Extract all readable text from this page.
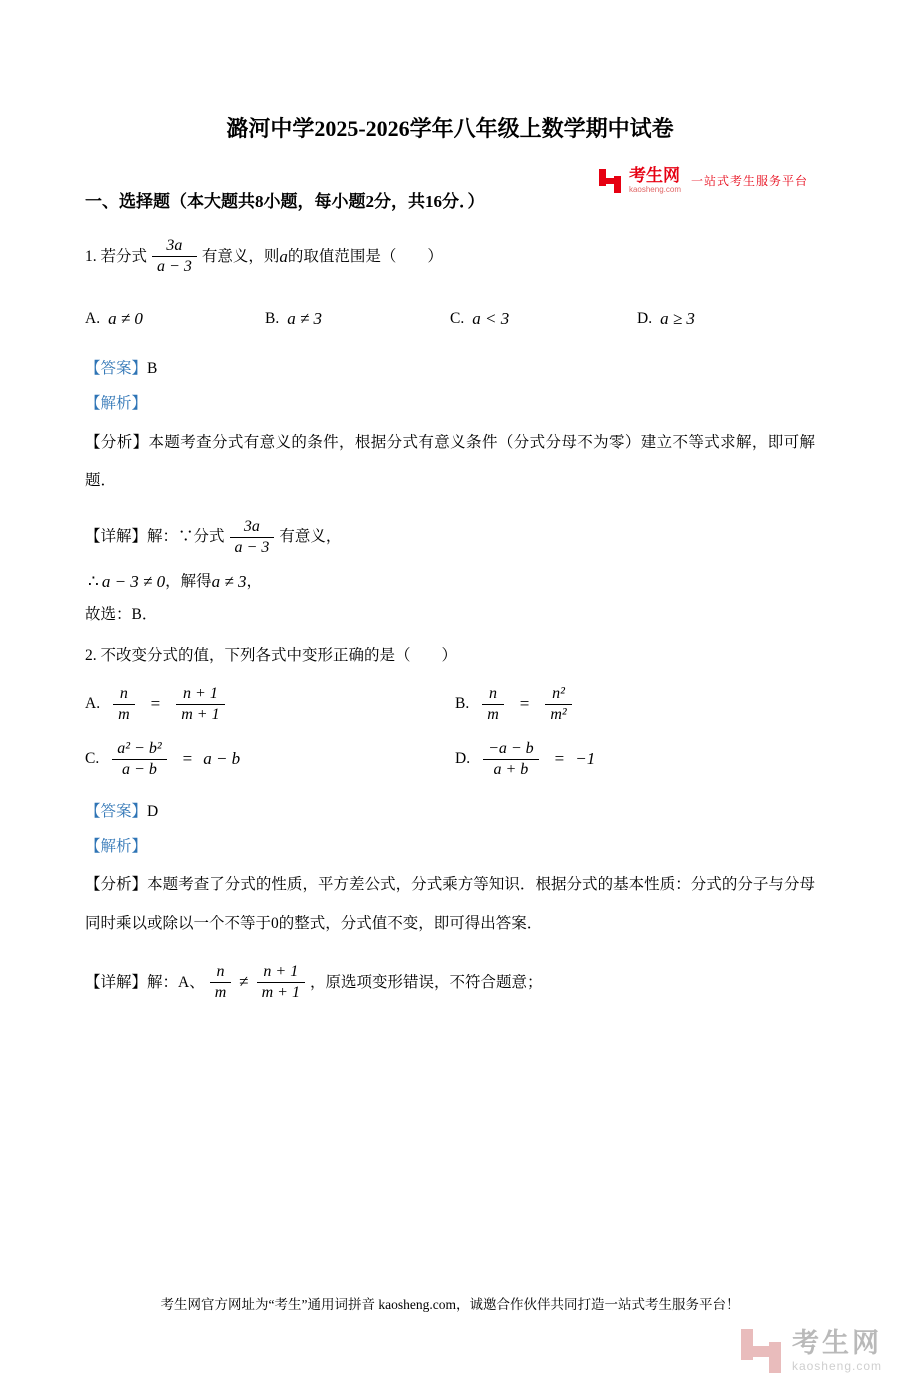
考生网
kaosheng.com
一站式考生服务平台
潞河中学2025-2026学年八年级上数学期中试卷
一、选择题（本大题共8小题，每小题2分，共16分．）
1. 若分式 $\frac{3a}{a - 3}$ 有意义，则 a 的取值范围是（　　）
A. a ≠ 0	B. a ≠ 3	C. a < 3	D. a ≥ 3
【答案】B
【解析】

【分析】本题考查分式有意义的条件，根据分式有意义条件（分式分母不为零）建立不等式求解，即可解题．

【详解】解：∵分式 $\frac{3a}{a - 3}$ 有意义，
∴ a − 3 ≠ 0 ，解得 a ≠ 3 ，

故选：B．

2. 不改变分式的值，下列各式中变形正确的是（　　）

A. $\frac{n}{m} = \frac{n + 1}{m + 1}$	B. $\frac{n}{m} = \frac{\text{n²}}{\text{m²}}$
C. $\frac{\text{a² − b²}}{a - b} = a - b$	D. $\frac{-a - b}{a + b} = -1$
【答案】D
【解析】

【分析】本题考查了分式的性质，平方差公式，分式乘方等知识．根据分式的基本性质：分式的分子与分母同时乘以或除以一个不等于0的整式，分式值不变，即可得出答案．

【详解】解：A、 $\frac{n}{m} \ne \frac{n + 1}{m + 1}$ ，原选项变形错误，不符合题意；
考生网官方网址为“考生”通用词拼音 kaosheng.com，诚邀合作伙伴共同打造一站式考生服务平台！
考生网
kaosheng.com
